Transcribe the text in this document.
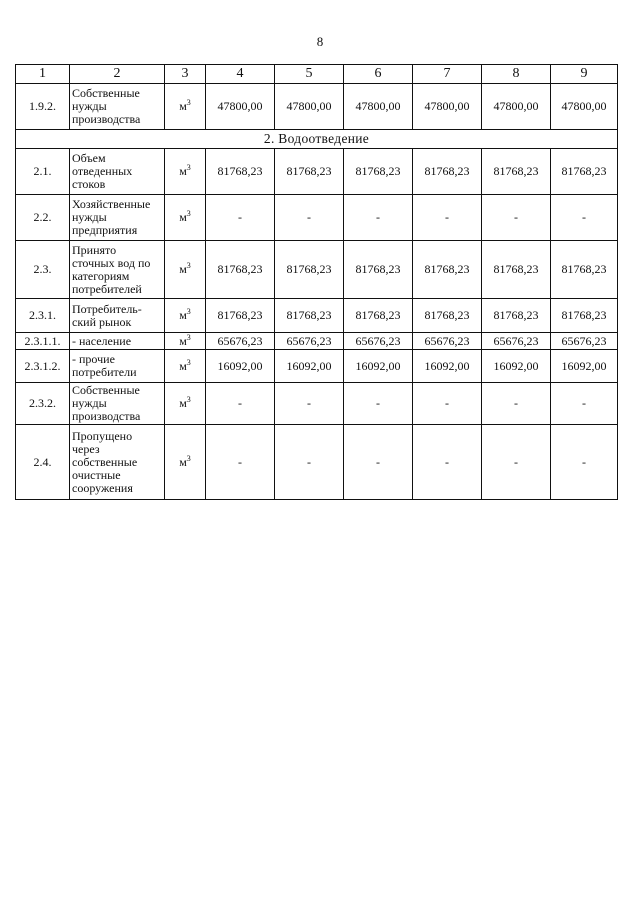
8
1	2	3	4	5	6	7	8	9
1.9.2.	Собственные
нужды
производства	$м^3$	47800,00	47800,00	47800,00	47800,00	47800,00	47800,00
2. Водоотведение								
2.1.	Объем
отведенных
стоков	$м^3$	81768,23	81768,23	81768,23	81768,23	81768,23	81768,23
2.2.	Хозяйственные
нужды
предприятия	$м^3$	-	-	-	-	-	-
2.3.	Принято
сточных вод по
категориям
потребителей	$м^3$	81768,23	81768,23	81768,23	81768,23	81768,23	81768,23
2.3.1.	Потребитель-
ский рынок	$м^3$	81768,23	81768,23	81768,23	81768,23	81768,23	81768,23
2.3.1.1.	- население	$м^3$	65676,23	65676,23	65676,23	65676,23	65676,23	65676,23
2.3.1.2.	- прочие
потребители	$м^3$	16092,00	16092,00	16092,00	16092,00	16092,00	16092,00
2.3.2.	Собственные
нужды
производства	$м^3$	-	-	-	-	-	-
2.4.	Пропущено
через
собственные
очистные
сооружения	$м^3$	-	-	-	-	-	-
